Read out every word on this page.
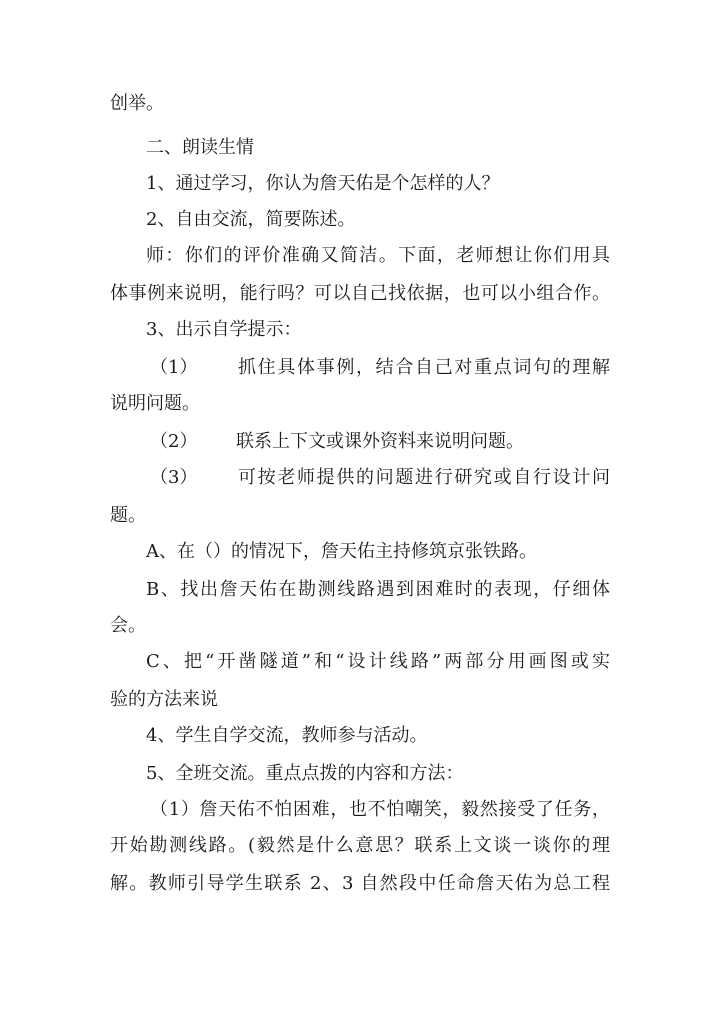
创举。
二、朗读生情
1、通过学习，你认为詹天佑是个怎样的人？
2、自由交流，简要陈述。
师：你们的评价准确又简洁。下面，老师想让你们用具
体事例来说明，能行吗？可以自己找依据，也可以小组合作。
3、出示自学提示：
（1） 抓住具体事例，结合自己对重点词句的理解
说明问题。
（2） 联系上下文或课外资料来说明问题。
（3） 可按老师提供的问题进行研究或自行设计问
题。
A、在（）的情况下，詹天佑主持修筑京张铁路。
B、找出詹天佑在勘测线路遇到困难时的表现，仔细体
会。
C、把“开凿隧道”和“设计线路”两部分用画图或实
验的方法来说
4、学生自学交流，教师参与活动。
5、全班交流。重点点拨的内容和方法：
（1）詹天佑不怕困难，也不怕嘲笑，毅然接受了任务，
开始勘测线路。(毅然是什么意思？联系上文谈一谈你的理
解。教师引导学生联系 2、3 自然段中任命詹天佑为总工程
